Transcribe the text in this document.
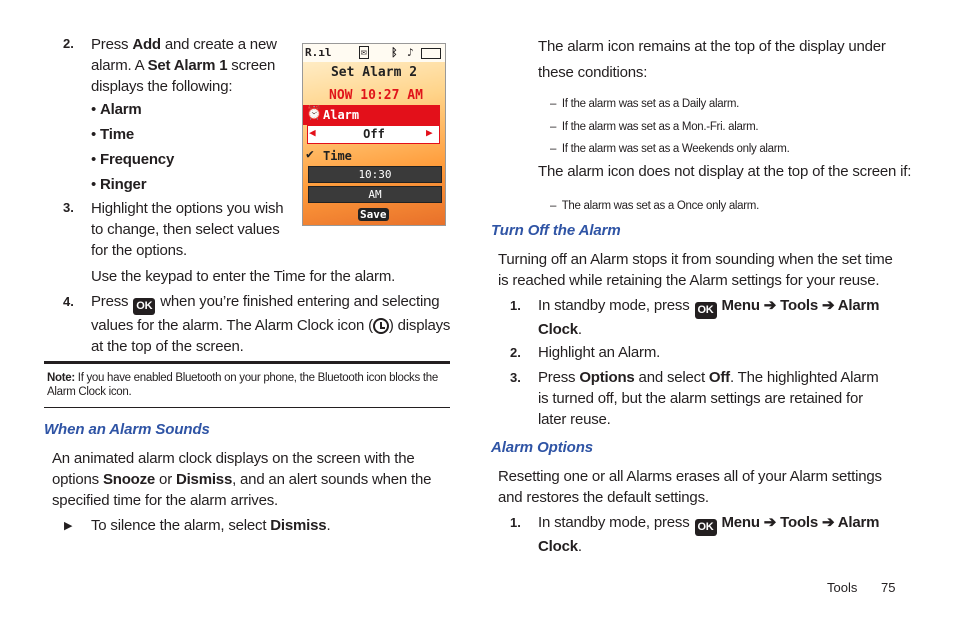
2. Press Add and create a new alarm. A Set Alarm 1 screen displays the following:
• Alarm
• Time
• Frequency
• Ringer
3. Highlight the options you wish to change, then select values for the options.
Use the keypad to enter the Time for the alarm.
4. Press OK when you’re finished entering and selecting values for the alarm. The Alarm Clock icon ( ) displays at the top of the screen.
Note: If you have enabled Bluetooth on your phone, the Bluetooth icon blocks the Alarm Clock icon.
When an Alarm Sounds
An animated alarm clock displays on the screen with the options Snooze or Dismiss, and an alert sounds when the specified time for the alarm arrives.
▶ To silence the alarm, select Dismiss.
R.ıl	✉ ᛒ ♪
Set Alarm 2
NOW 10:27 AM
⏰ Alarm
◀	▶
Off
✔ Time
10:30
AM
Save
The alarm icon remains at the top of the display under these conditions:
–  If the alarm was set as a Daily alarm.
–  If the alarm was set as a Mon.-Fri. alarm.
–  If the alarm was set as a Weekends only alarm.
The alarm icon does not display at the top of the screen if:
–  The alarm was set as a Once only alarm.
Turn Off the Alarm
Turning off an Alarm stops it from sounding when the set time is reached while retaining the Alarm settings for your reuse.
1. In standby mode, press OK Menu ➔ Tools ➔ Alarm
Clock.
2. Highlight an Alarm.
3. Press Options and select Off. The highlighted Alarm is turned off, but the alarm settings are retained for later reuse.
Alarm Options
Resetting one or all Alarms erases all of your Alarm settings and restores the default settings.
1. In standby mode, press OK Menu ➔ Tools ➔ Alarm
Clock.
Tools 75
